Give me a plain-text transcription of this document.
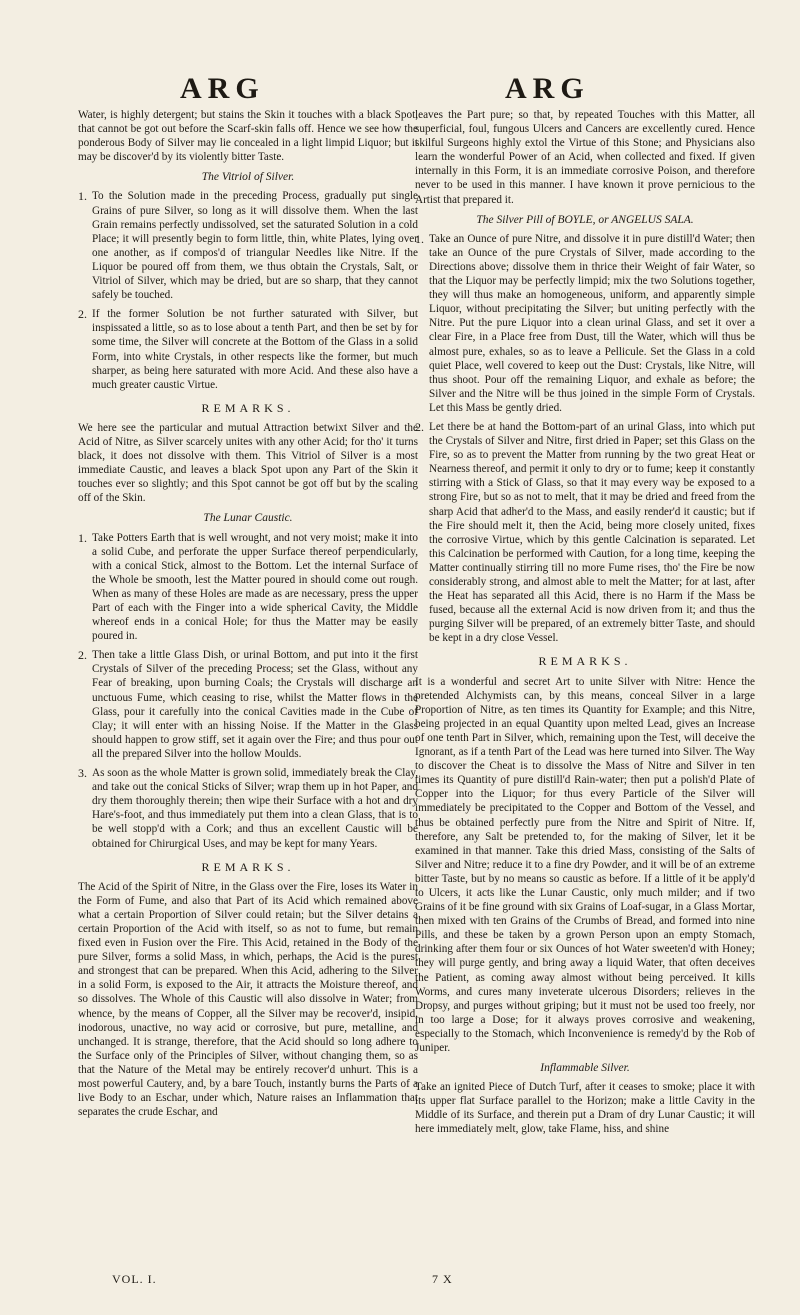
ARG	ARG

Water, is highly detergent; but stains the Skin it touches with a black Spot, that cannot be got out before the Scarf-skin falls off. Hence we see how the ponderous Body of Silver may lie concealed in a light limpid Liquor; but it may be discover'd by its violently bitter Taste.

The Vitriol of Silver.
1. To the Solution made in the preceding Process, gradually put single Grains of pure Silver, so long as it will dissolve them. When the last Grain remains perfectly undissolved, set the saturated Solution in a cold Place; it will presently begin to form little, thin, white Plates, lying over one another, as if compos'd of triangular Needles like Nitre. If the Liquor be poured off from them, we thus obtain the Crystals, Salt, or Vitriol of Silver, which may be dried, but are so sharp, that they cannot safely be touched.
2. If the former Solution be not further saturated with Silver, but inspissated a little, so as to lose about a tenth Part, and then be set by for some time, the Silver will concrete at the Bottom of the Glass in a solid Form, into white Crystals, in other respects like the former, but much sharper, as being here saturated with more Acid. And these also have a much greater caustic Virtue.
REMARKS.

We here see the particular and mutual Attraction betwixt Silver and the Acid of Nitre, as Silver scarcely unites with any other Acid; for tho' it turns black, it does not dissolve with them. This Vitriol of Silver is a most immediate Caustic, and leaves a black Spot upon any Part of the Skin it touches ever so slightly; and this Spot cannot be got off but by the scaling off of the Skin.

The Lunar Caustic.
1. Take Potters Earth that is well wrought, and not very moist; make it into a solid Cube, and perforate the upper Surface thereof perpendicularly, with a conical Stick, almost to the Bottom. Let the internal Surface of the Whole be smooth, lest the Matter poured in should come out rough. When as many of these Holes are made as are necessary, press the upper Part of each with the Finger into a wide spherical Cavity, the Middle whereof ends in a conical Hole; for thus the Matter may be easily poured in.
2. Then take a little Glass Dish, or urinal Bottom, and put into it the first Crystals of Silver of the preceding Process; set the Glass, without any Fear of breaking, upon burning Coals; the Crystals will discharge an unctuous Fume, which ceasing to rise, whilst the Matter flows in the Glass, pour it carefully into the conical Cavities made in the Cube of Clay; it will enter with an hissing Noise. If the Matter in the Glass should happen to grow stiff, set it again over the Fire; and thus pour out all the prepared Silver into the hollow Moulds.
3. As soon as the whole Matter is grown solid, immediately break the Clay, and take out the conical Sticks of Silver; wrap them up in hot Paper, and dry them thoroughly therein; then wipe their Surface with a hot and dry Hare's-foot, and thus immediately put them into a clean Glass, that is to be well stopp'd with a Cork; and thus an excellent Caustic will be obtained for Chirurgical Uses, and may be kept for many Years.
REMARKS.

The Acid of the Spirit of Nitre, in the Glass over the Fire, loses its Water in the Form of Fume, and also that Part of its Acid which remained above what a certain Proportion of Silver could retain; but the Silver detains a certain Proportion of the Acid with itself, so as not to fume, but remain fixed even in Fusion over the Fire. This Acid, retained in the Body of the pure Silver, forms a solid Mass, in which, perhaps, the Acid is the purest and strongest that can be prepared. When this Acid, adhering to the Silver in a solid Form, is exposed to the Air, it attracts the Moisture thereof, and so dissolves. The Whole of this Caustic will also dissolve in Water; from whence, by the means of Copper, all the Silver may be recover'd, insipid, inodorous, unactive, no way acid or corrosive, but pure, metalline, and unchanged. It is strange, therefore, that the Acid should so long adhere to the Surface only of the Principles of Silver, without changing them, so as that the Nature of the Metal may be entirely recover'd unhurt. This is a most powerful Cautery, and, by a bare Touch, instantly burns the Parts of a live Body to an Eschar, under which, Nature raises an Inflammation that separates the crude Eschar, and

leaves the Part pure; so that, by repeated Touches with this Matter, all superficial, foul, fungous Ulcers and Cancers are excellently cured. Hence skilful Surgeons highly extol the Virtue of this Stone; and Physicians also learn the wonderful Power of an Acid, when collected and fixed. If given internally in this Form, it is an immediate corrosive Poison, and therefore never to be used in this manner. I have known it prove pernicious to the Artist that prepared it.

The Silver Pill of BOYLE, or ANGELUS SALA.
1. Take an Ounce of pure Nitre, and dissolve it in pure distill'd Water; then take an Ounce of the pure Crystals of Silver, made according to the Directions above; dissolve them in thrice their Weight of fair Water, so that the Liquor may be perfectly limpid; mix the two Solutions together, they will thus make an homogeneous, uniform, and apparently simple Liquor, without precipitating the Silver; but uniting perfectly with the Nitre. Put the pure Liquor into a clean urinal Glass, and set it over a clear Fire, in a Place free from Dust, till the Water, which will thus be almost pure, exhales, so as to leave a Pellicule. Set the Glass in a cold quiet Place, well covered to keep out the Dust: Crystals, like Nitre, will thus shoot. Pour off the remaining Liquor, and exhale as before; the Silver and the Nitre will be thus joined in the simple Form of Crystals. Let this Mass be gently dried.
2. Let there be at hand the Bottom-part of an urinal Glass, into which put the Crystals of Silver and Nitre, first dried in Paper; set this Glass on the Fire, so as to prevent the Matter from running by the two great Heat or Nearness thereof, and permit it only to dry or to fume; keep it constantly stirring with a Stick of Glass, so that it may every way be exposed to a strong Fire, but so as not to melt, that it may be dried and freed from the sharp Acid that adher'd to the Mass, and easily render'd it caustic; but if the Fire should melt it, then the Acid, being more closely united, fixes the corrosive Virtue, which by this gentle Calcination is separated. Let this Calcination be performed with Caution, for a long time, keeping the Matter continually stirring till no more Fume rises, tho' the Fire be now considerably strong, and almost able to melt the Matter; for at last, after the Heat has separated all this Acid, there is no Harm if the Mass be fused, because all the external Acid is now driven from it; and thus the purging Silver will be prepared, of an extremely bitter Taste, and should be kept in a dry close Vessel.
REMARKS.

It is a wonderful and secret Art to unite Silver with Nitre: Hence the pretended Alchymists can, by this means, conceal Silver in a large Proportion of Nitre, as ten times its Quantity for Example; and this Nitre, being projected in an equal Quantity upon melted Lead, gives an Increase of one tenth Part in Silver, which, remaining upon the Test, will deceive the Ignorant, as if a tenth Part of the Lead was here turned into Silver. The Way to discover the Cheat is to dissolve the Mass of Nitre and Silver in ten times its Quantity of pure distill'd Rain-water; then put a polish'd Plate of Copper into the Liquor; for thus every Particle of the Silver will immediately be precipitated to the Copper and Bottom of the Vessel, and thus be obtained perfectly pure from the Nitre and Spirit of Nitre. If, therefore, any Salt be pretended to, for the making of Silver, let it be examined in that manner. Take this dried Mass, consisting of the Salts of Silver and Nitre; reduce it to a fine dry Powder, and it will be of an extreme bitter Taste, but by no means so caustic as before. If a little of it be apply'd to Ulcers, it acts like the Lunar Caustic, only much milder; and if two Grains of it be fine ground with six Grains of Loaf-sugar, in a Glass Mortar, then mixed with ten Grains of the Crumbs of Bread, and formed into nine Pills, and these be taken by a grown Person upon an empty Stomach, drinking after them four or six Ounces of hot Water sweeten'd with Honey; they will purge gently, and bring away a liquid Water, that often deceives the Patient, as coming away almost without being perceived. It kills Worms, and cures many inveterate ulcerous Disorders; relieves in the Dropsy, and purges without griping; but it must not be used too freely, nor in too large a Dose; for it always proves corrosive and weakening, especially to the Stomach, which Inconvenience is remedy'd by the Rob of Juniper.

Inflammable Silver.

Take an ignited Piece of Dutch Turf, after it ceases to smoke; place it with its upper flat Surface parallel to the Horizon; make a little Cavity in the Middle of its Surface, and therein put a Dram of dry Lunar Caustic; it will here immediately melt, glow, take Flame, hiss, and shine

VOL. I.	7 X
